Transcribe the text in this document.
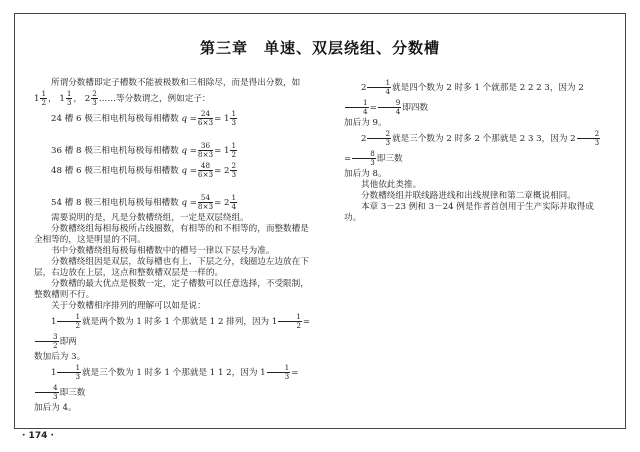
第三章　单速、双层绕组、分数槽

所谓分数槽即定子槽数不能被极数和三相除尽，而是得出分数，如

$1 \frac{1}{2}$ ， $1 \frac{1}{3}$ ， $2 \frac{2}{3}$ ……等分数谓之，例如定子：

24 槽 6 极三相电机每极每相槽数 $q = \frac{24}{6\times 3} = 1 \frac{1}{3}$

36 槽 8 极三相电机每极每相槽数 $q = \frac{36}{8\times 3} = 1 \frac{1}{2}$

48 槽 6 极三相电机每极每相槽数 $q = \frac{48}{6\times 3} = 2 \frac{2}{3}$

54 槽 8 极三相电机每极每相槽数 $q = \frac{54}{8\times 3} = 2 \frac{1}{4}$

需要说明的是，凡是分数槽绕组，一定是双层绕组。

分数槽绕组每相每极所占线圈数，有相等的和不相等的，而整数槽是全相等的，这是明显的不同。

书中分数槽绕组每极每相槽数中的槽号一律以下层号为准。

分数槽绕组因是双层，故每槽也有上、下层之分，线圈边左边放在下层，右边放在上层，这点和整数槽双层是一样的。

分数槽的最大优点是极数一定，定子槽数可以任意选择，不受限制，整数槽则不行。

关于分数槽相序排列的理解可以如是说：

$1 \frac{1}{2}$ 就是两个数为 1 时多 1 个那就是 1 2 排列，因为 $1 \frac{1}{2}$ =
$\frac{3}{2}$ 即两

数加后为 3。

$1 \frac{1}{3}$ 就是三个数为 1 时多 1 个那就是 1 1 2，因为 $1 \frac{1}{3}$ =
$\frac{4}{3}$ 即三数

加后为 4。

$2 \frac{1}{4}$ 就是四个数为 2 时多 1 个就那是 2 2 2 3，因为 2
$\frac{1}{4} = \frac{9}{4}$ 即四数

加后为 9。

$2 \frac{2}{3}$ 就是三个数为 2 时多 2 个那就是 2 3 3，因为 $2 \frac{2}{3}$
= $\frac{8}{3}$ 即三数

加后为 8。

其他依此类推。

分数槽绕组并联线路进线和出线规律和第二章概说相同。

本章 3－23 例和 3－24 例是作者首创用于生产实际并取得成功。

· 174 ·
